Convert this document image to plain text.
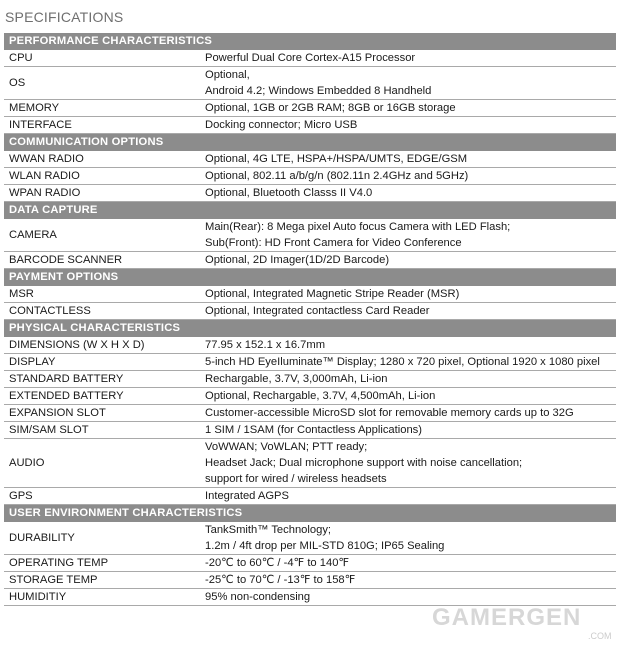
SPECIFICATIONS
PERFORMANCE CHARACTERISTICS	
CPU	Powerful Dual Core Cortex-A15 Processor

OS	Optional,
Android 4.2; Windows Embedded 8 Handheld

MEMORY	Optional, 1GB or 2GB RAM; 8GB or 16GB storage

INTERFACE	Docking connector; Micro USB

COMMUNICATION OPTIONS	
WWAN RADIO	Optional, 4G LTE, HSPA+/HSPA/UMTS, EDGE/GSM

WLAN RADIO	Optional, 802.11 a/b/g/n (802.11n 2.4GHz and 5GHz)

WPAN RADIO	Optional, Bluetooth Classs II V4.0

DATA CAPTURE	
CAMERA	Main(Rear): 8 Mega pixel Auto focus Camera with LED Flash;
Sub(Front): HD Front Camera for Video Conference

BARCODE SCANNER	Optional, 2D Imager(1D/2D Barcode)

PAYMENT OPTIONS	
MSR	Optional, Integrated Magnetic Stripe Reader (MSR)

CONTACTLESS	Optional, Integrated contactless Card Reader

PHYSICAL CHARACTERISTICS	
DIMENSIONS (W X H X D)	77.95 x 152.1 x 16.7mm

DISPLAY	5-inch HD EyeIluminate™ Display; 1280 x 720 pixel, Optional 1920 x 1080 pixel

STANDARD BATTERY	Rechargable, 3.7V, 3,000mAh, Li-ion

EXTENDED BATTERY	Optional, Rechargable, 3.7V, 4,500mAh, Li-ion

EXPANSION SLOT	Customer-accessible MicroSD slot for removable memory cards up to 32G

SIM/SAM SLOT	1 SIM / 1SAM (for Contactless Applications)

AUDIO	VoWWAN; VoWLAN; PTT ready;
Headset Jack; Dual microphone support with noise cancellation;
support for wired / wireless headsets

GPS	Integrated AGPS

USER ENVIRONMENT CHARACTERISTICS	
DURABILITY	TankSmith™ Technology;
1.2m / 4ft drop per MIL-STD 810G; IP65 Sealing

OPERATING TEMP	-20℃ to 60℃ / -4℉ to 140℉

STORAGE TEMP	-25℃ to 70℃ / -13℉ to 158℉

HUMIDITIY	95% non-condensing
GAMERGEN
.COM
